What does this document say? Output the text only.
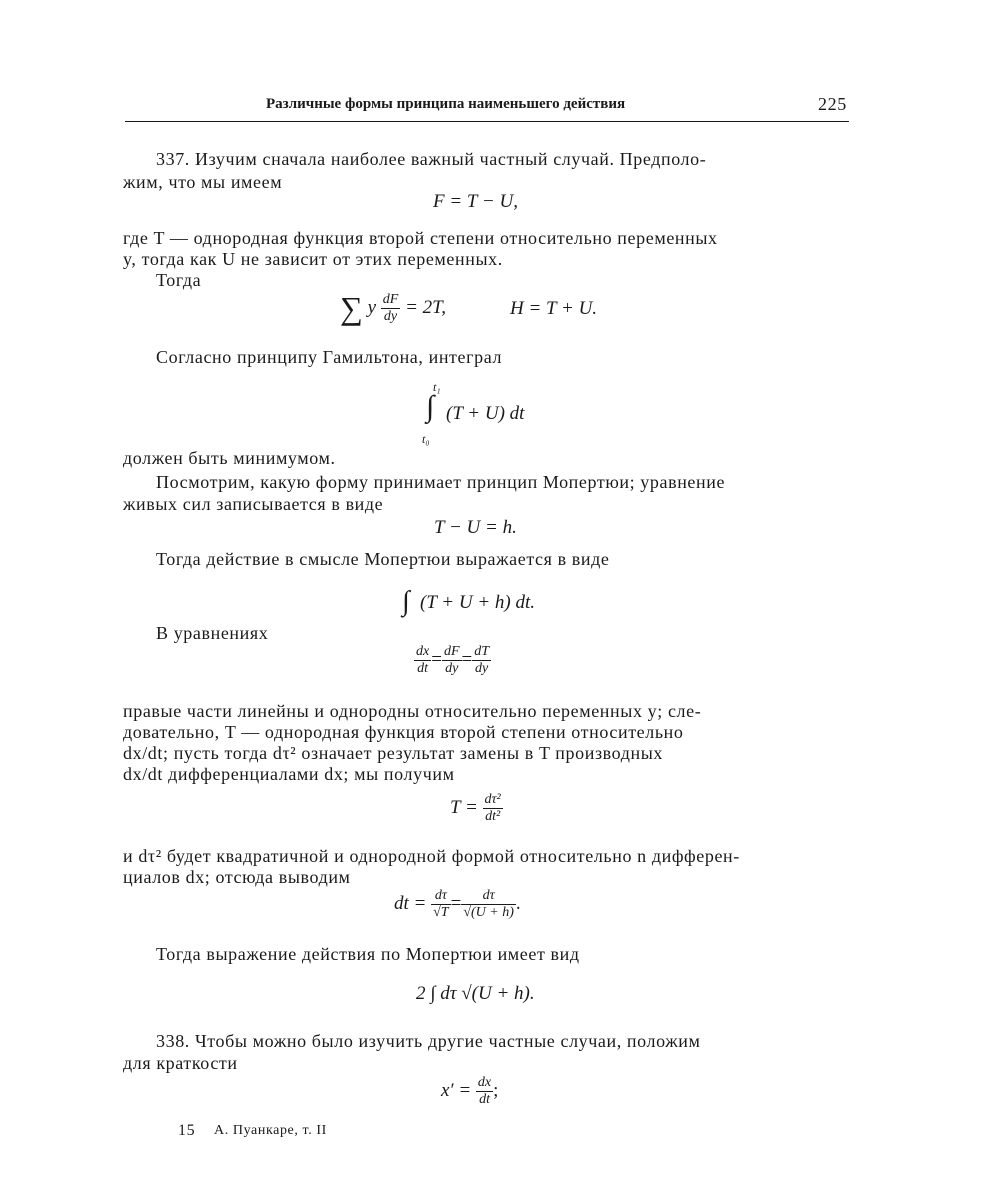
Различные формы принципа наименьшего действия	225
337. Изучим сначала наиболее важный частный случай. Предполо-
жим, что мы имеем
F = T − U,
где T — однородная функция второй степени относительно переменных
y, тогда как U не зависит от этих переменных.
Тогда
∑ y $\frac{dF}{dy} = 2T$,	H = T + U.
Согласно принципу Гамильтона, интеграл
t₁
∫ (T + U) dt
t₀
должен быть минимумом.
Посмотрим, какую форму принимает принцип Мопертюи; уравнение
живых сил записывается в виде
T − U = h.
Тогда действие в смысле Мопертюи выражается в виде
∫ (T + U + h) dt.
В уравнениях
$\frac{dx}{dt} = \frac{dF}{dy} = \frac{dT}{dy}$
правые части линейны и однородны относительно переменных y; сле-
довательно, T — однородная функция второй степени относительно
dx/dt; пусть тогда dτ² означает результат замены в T производных
dx/dt дифференциалами dx; мы получим
$T = \frac{\text{dτ²}}{\text{dt²}}$
и dτ² будет квадратичной и однородной формой относительно n дифферен-
циалов dx; отсюда выводим
dt = $\frac{d\tau}{√T} = \frac{d\tau}{√(U + h)}$ .
Тогда выражение действия по Мопертюи имеет вид
2 ∫ dτ √(U + h).
338. Чтобы можно было изучить другие частные случаи, положим
для краткости
$x' = \frac{dx}{dt}$ ;
15 А. Пуанкаре, т. II
